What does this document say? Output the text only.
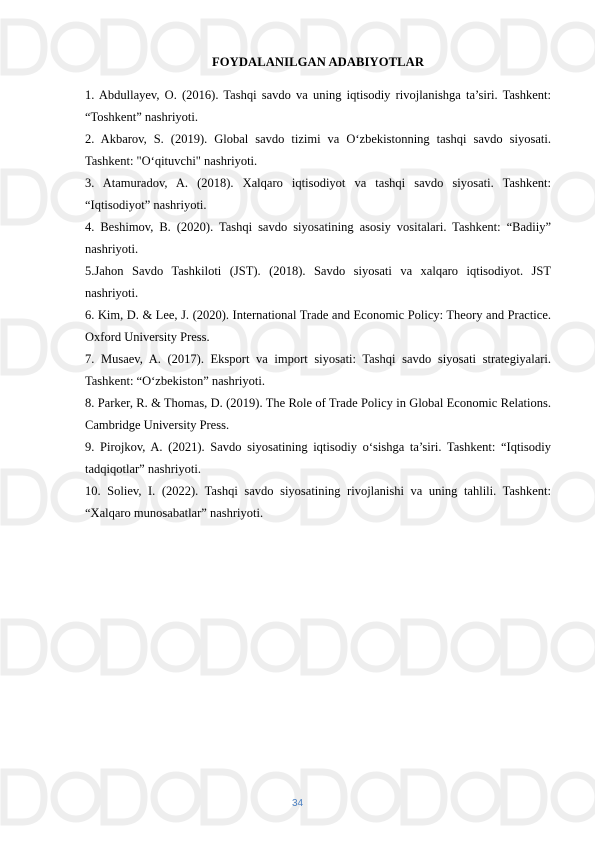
FOYDALANILGAN ADABIYOTLAR
1. Abdullayev, O. (2016). Tashqi savdo va uning iqtisodiy rivojlanishga ta’siri. Tashkent: “Toshkent” nashriyoti.
2. Akbarov, S. (2019). Global savdo tizimi va O‘zbekistonning tashqi savdo siyosati. Tashkent: "O‘qituvchi" nashriyoti.
3. Atamuradov, A. (2018). Xalqaro iqtisodiyot va tashqi savdo siyosati. Tashkent: “Iqtisodiyot” nashriyoti.
4. Beshimov, B. (2020). Tashqi savdo siyosatining asosiy vositalari. Tashkent: “Badiiy” nashriyoti.
5.Jahon Savdo Tashkiloti (JST). (2018). Savdo siyosati va xalqaro iqtisodiyot. JST nashriyoti.
6. Kim, D. & Lee, J. (2020). International Trade and Economic Policy: Theory and Practice. Oxford University Press.
7. Musaev, A. (2017). Eksport va import siyosati: Tashqi savdo siyosati strategiyalari. Tashkent: “O‘zbekiston” nashriyoti.
8. Parker, R. & Thomas, D. (2019). The Role of Trade Policy in Global Economic Relations. Cambridge University Press.
9. Pirojkov, A. (2021). Savdo siyosatining iqtisodiy o‘sishga ta’siri. Tashkent: “Iqtisodiy tadqiqotlar” nashriyoti.
10. Soliev, I. (2022). Tashqi savdo siyosatining rivojlanishi va uning tahlili. Tashkent: “Xalqaro munosabatlar” nashriyoti.
34
